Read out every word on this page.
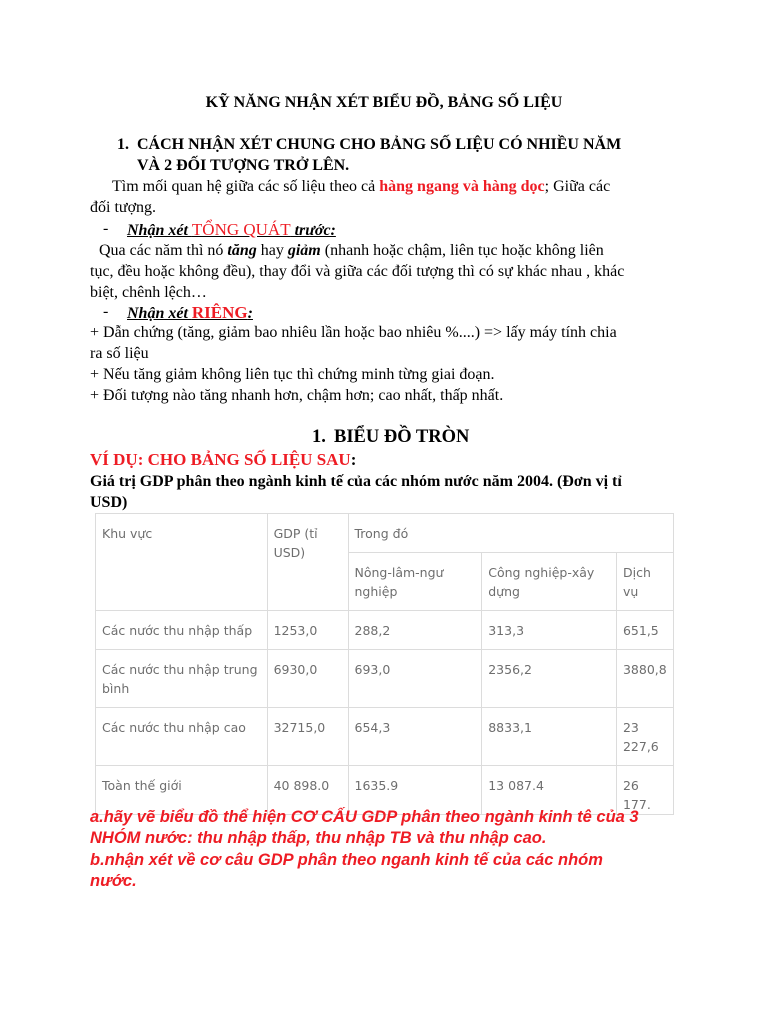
KỸ NĂNG NHẬN XÉT BIỂU ĐỒ, BẢNG SỐ LIỆU
1. CÁCH NHẬN XÉT CHUNG CHO BẢNG SỐ LIỆU CÓ NHIỀU NĂM
VÀ 2 ĐỐI TƯỢNG TRỞ LÊN.
Tìm mối quan hệ giữa các số liệu theo cả hàng ngang và hàng dọc; Giữa các
đối tượng.
- Nhận xét TỔNG QUÁT trước:
Qua các năm thì nó tăng hay giảm (nhanh hoặc chậm, liên tục hoặc không liên
tục, đều hoặc không đều), thay đổi và giữa các đối tượng thì có sự khác nhau , khác
biệt, chênh lệch…
- Nhận xét RIÊNG:
+ Dẫn chứng (tăng, giảm bao nhiêu lần hoặc bao nhiêu %....) => lấy máy tính chia
ra số liệu
+ Nếu tăng giảm không liên tục thì chứng minh từng giai đoạn.
+ Đối tượng nào tăng nhanh hơn, chậm hơn; cao nhất, thấp nhất.
1. BIỂU ĐỒ TRÒN
VÍ DỤ: CHO BẢNG SỐ LIỆU SAU:
Giá trị GDP phân theo ngành kinh tế của các nhóm nước năm 2004. (Đơn vị tỉ
USD)
Khu vực	GDP (tỉ USD)	Trong đó		
		Nông-lâm-ngư nghiệp	Công nghiệp-xây dựng	Dịch vụ
Các nước thu nhập thấp	1253,0	288,2	313,3	651,5
Các nước thu nhập trung bình	6930,0	693,0	2356,2	3880,8
Các nước thu nhập cao	32715,0	654,3	8833,1	23 227,6
Toàn thế giới	40 898.0	1635.9	13 087.4	26 177.
a.hãy vẽ biểu đồ thể hiện CƠ CẤU GDP phân theo ngành kinh tê của 3
NHÓM nước: thu nhập thấp, thu nhập TB và thu nhập cao.
b.nhận xét về cơ câu GDP phân theo nganh kinh tế của các nhóm
nước.
